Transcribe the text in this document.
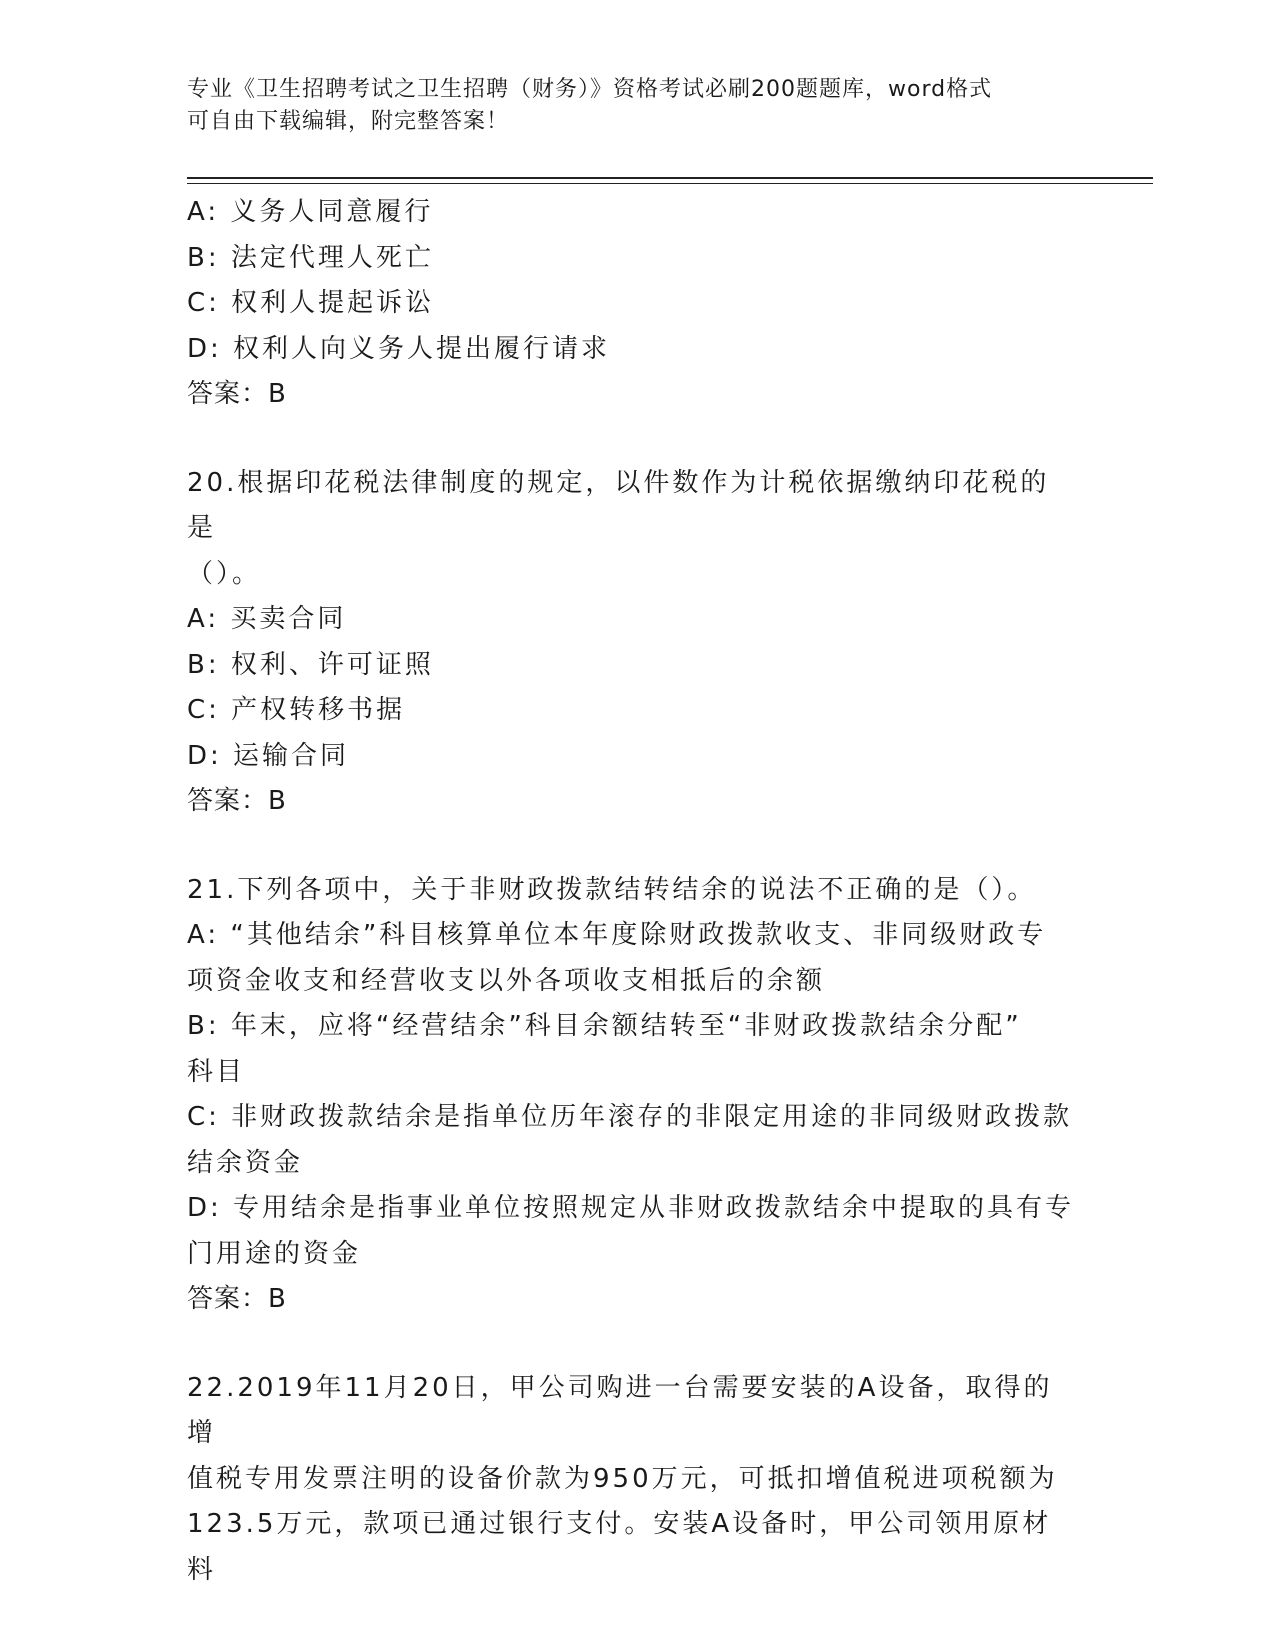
专业《卫生招聘考试之卫生招聘（财务）》资格考试必刷200题题库，word格式
可自由下载编辑，附完整答案！

A: 义务人同意履行

B: 法定代理人死亡

C: 权利人提起诉讼

D: 权利人向义务人提出履行请求

答案：B

20.根据印花税法律制度的规定，以件数作为计税依据缴纳印花税的是

（）。

A: 买卖合同

B: 权利、许可证照

C: 产权转移书据

D: 运输合同

答案：B

21.下列各项中，关于非财政拨款结转结余的说法不正确的是（）。

A: “其他结余”科目核算单位本年度除财政拨款收支、非同级财政专

项资金收支和经营收支以外各项收支相抵后的余额

B: 年末，应将“经营结余”科目余额结转至“非财政拨款结余分配”

科目

C: 非财政拨款结余是指单位历年滚存的非限定用途的非同级财政拨款

结余资金

D: 专用结余是指事业单位按照规定从非财政拨款结余中提取的具有专

门用途的资金

答案：B

22.2019年11月20日，甲公司购进一台需要安装的A设备，取得的增

值税专用发票注明的设备价款为950万元，可抵扣增值税进项税额为

123.5万元，款项已通过银行支付。安装A设备时，甲公司领用原材料
